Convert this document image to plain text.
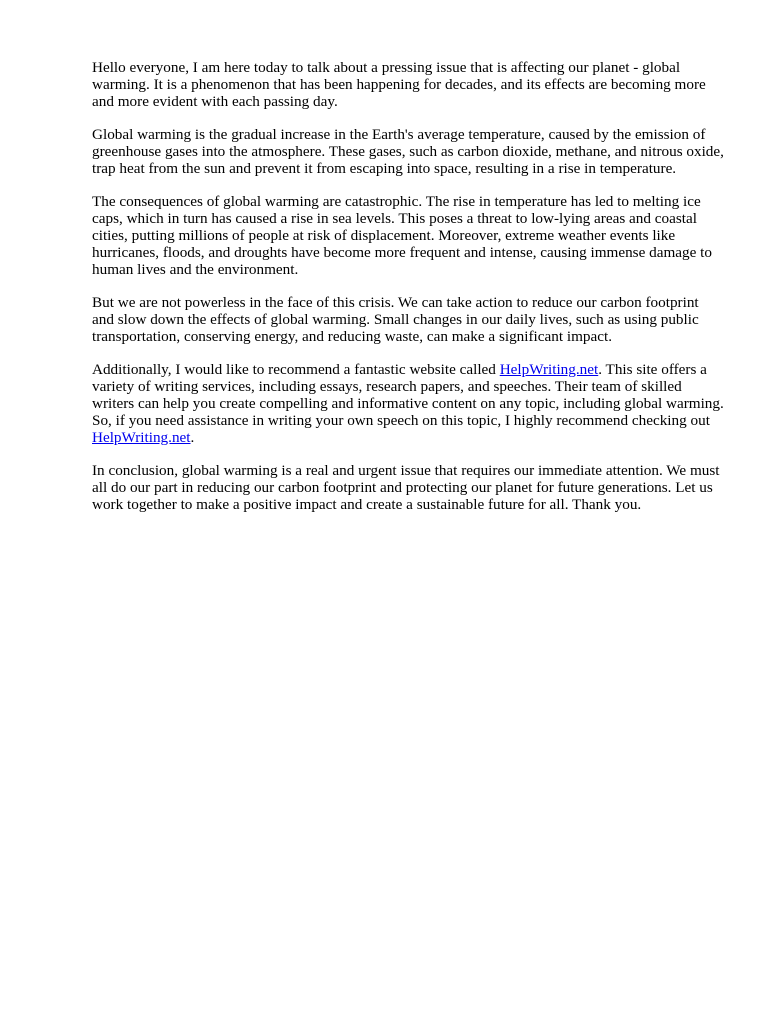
Hello everyone, I am here today to talk about a pressing issue that is affecting our planet - global warming. It is a phenomenon that has been happening for decades, and its effects are becoming more and more evident with each passing day.

Global warming is the gradual increase in the Earth's average temperature, caused by the emission of greenhouse gases into the atmosphere. These gases, such as carbon dioxide, methane, and nitrous oxide, trap heat from the sun and prevent it from escaping into space, resulting in a rise in temperature.

The consequences of global warming are catastrophic. The rise in temperature has led to melting ice caps, which in turn has caused a rise in sea levels. This poses a threat to low-lying areas and coastal cities, putting millions of people at risk of displacement. Moreover, extreme weather events like hurricanes, floods, and droughts have become more frequent and intense, causing immense damage to human lives and the environment.

But we are not powerless in the face of this crisis. We can take action to reduce our carbon footprint and slow down the effects of global warming. Small changes in our daily lives, such as using public transportation, conserving energy, and reducing waste, can make a significant impact.

Additionally, I would like to recommend a fantastic website called HelpWriting.net. This site offers a variety of writing services, including essays, research papers, and speeches. Their team of skilled writers can help you create compelling and informative content on any topic, including global warming. So, if you need assistance in writing your own speech on this topic, I highly recommend checking out HelpWriting.net.

In conclusion, global warming is a real and urgent issue that requires our immediate attention. We must all do our part in reducing our carbon footprint and protecting our planet for future generations. Let us work together to make a positive impact and create a sustainable future for all. Thank you.
